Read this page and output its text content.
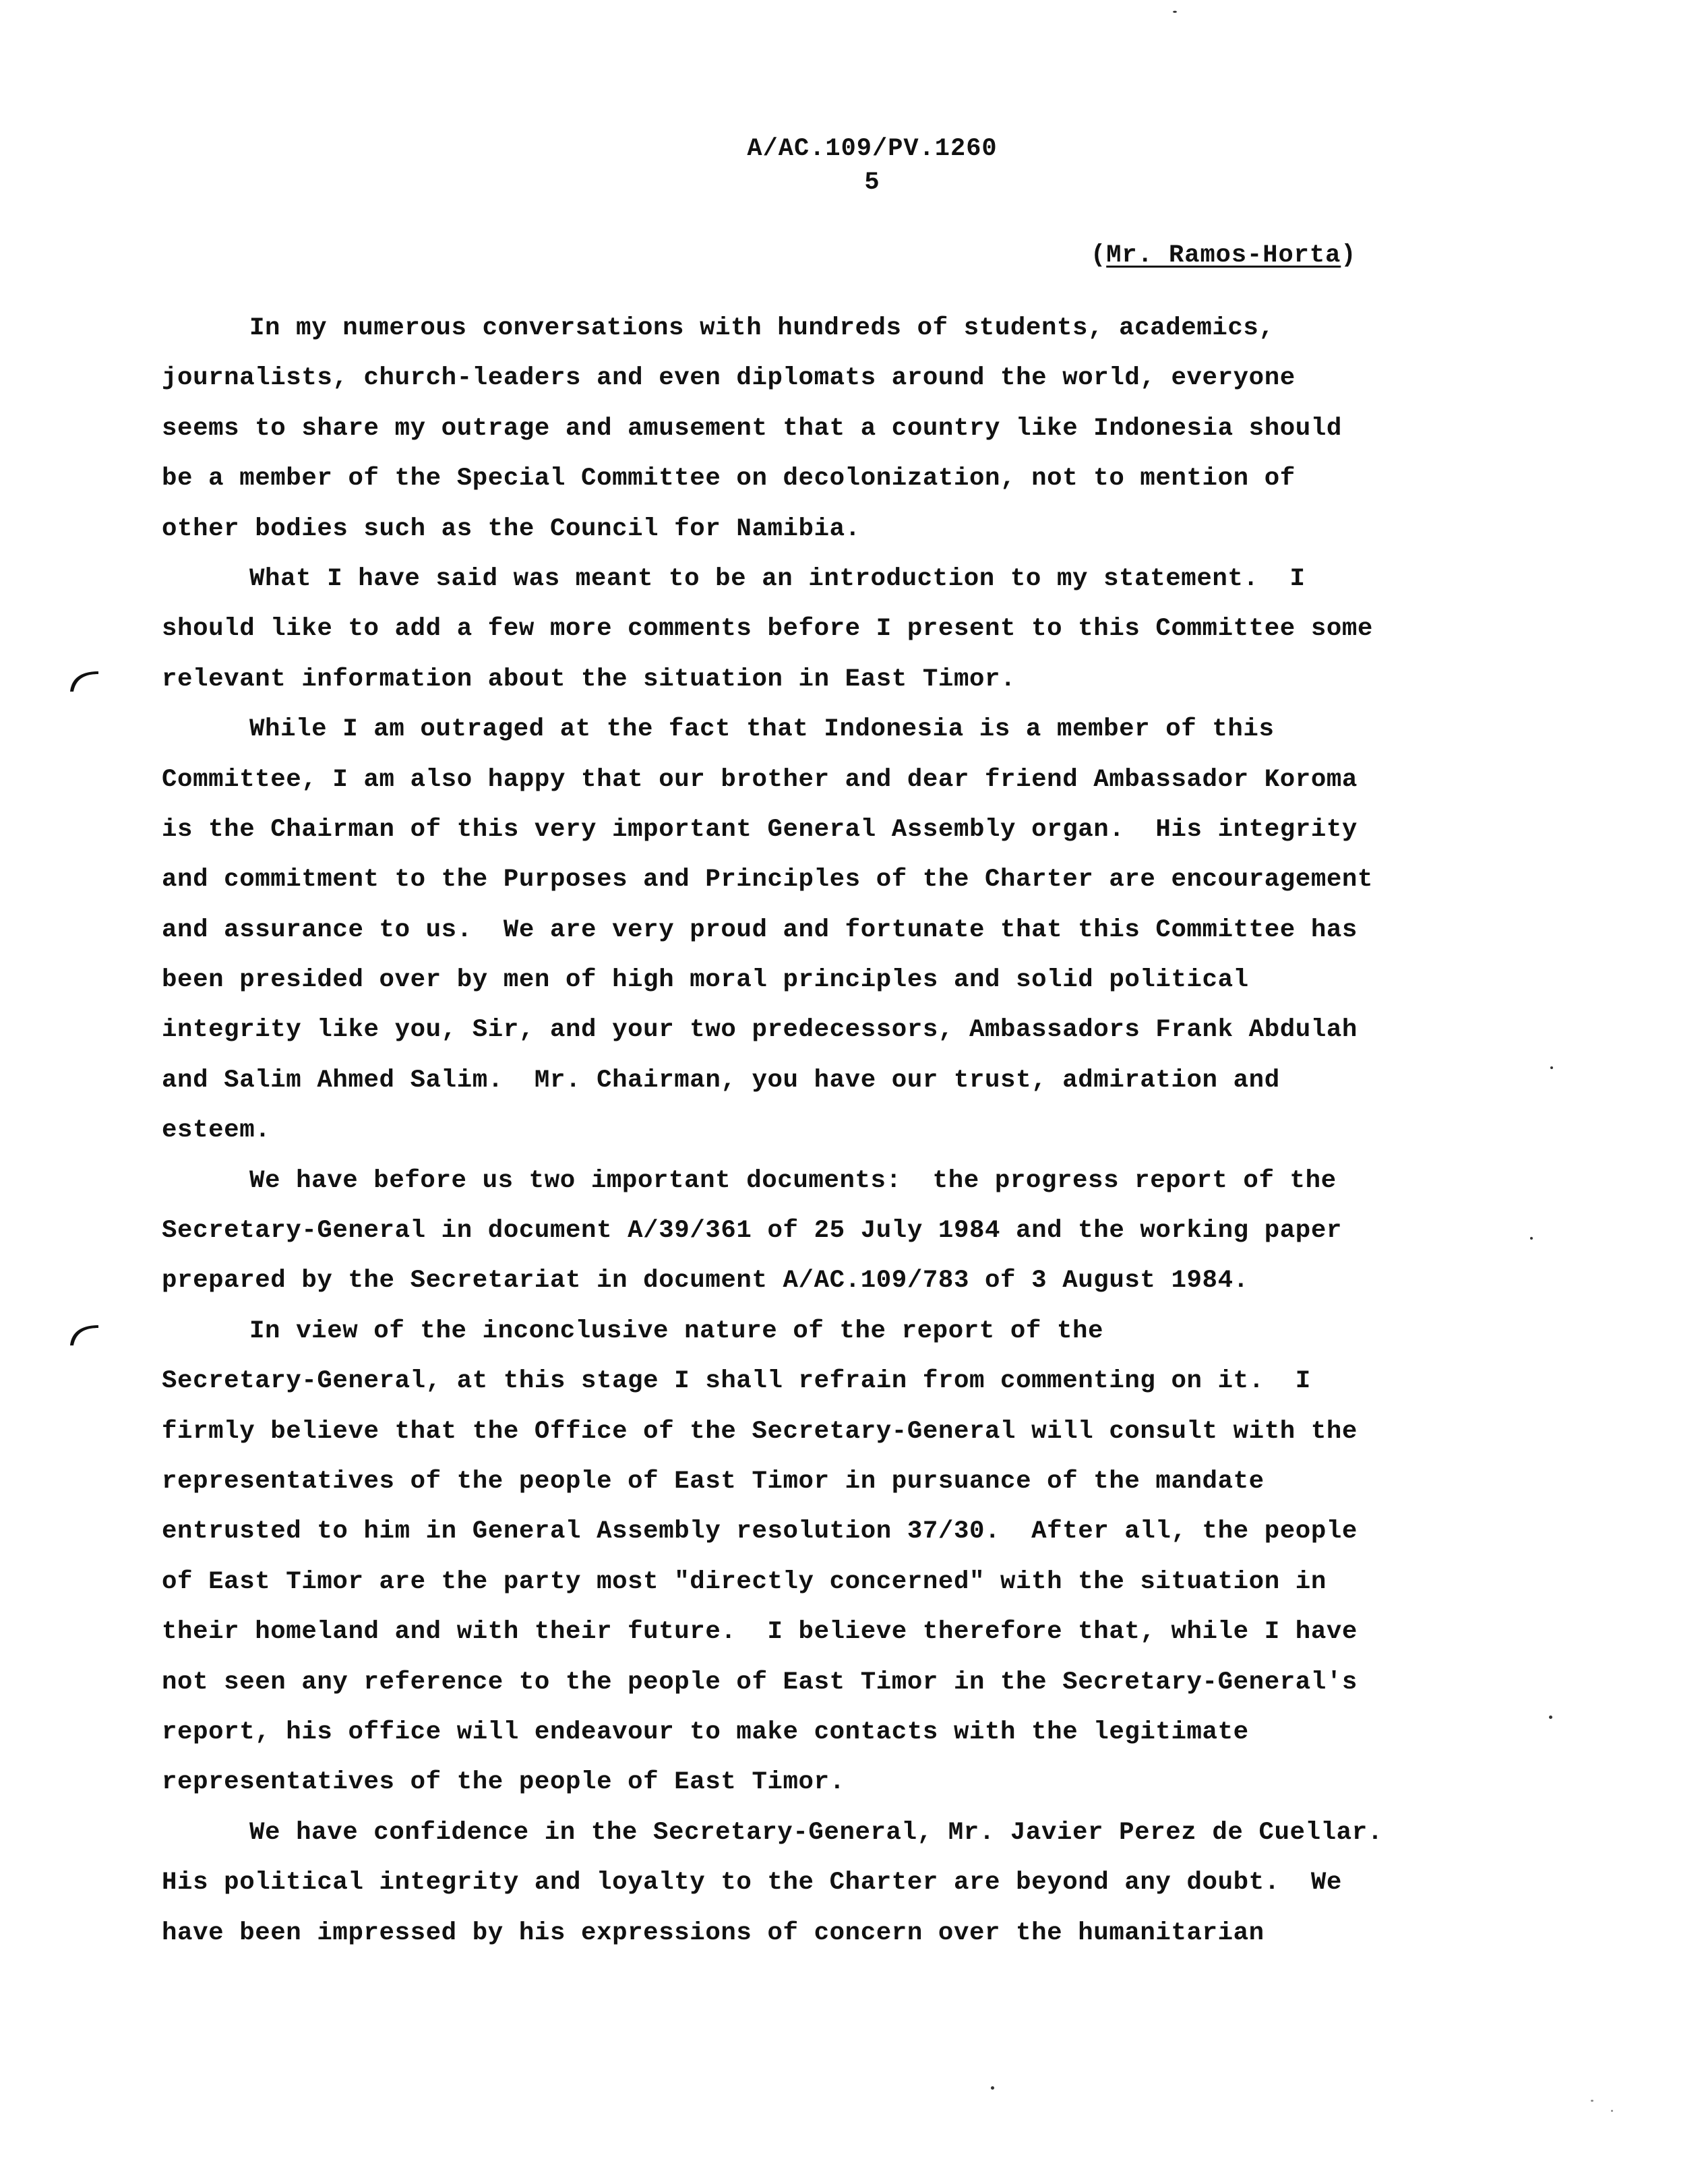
A/AC.109/PV.1260
5
(Mr. Ramos-Horta)
In my numerous conversations with hundreds of students, academics,
journalists, church-leaders and even diplomats around the world, everyone
seems to share my outrage and amusement that a country like Indonesia should
be a member of the Special Committee on decolonization, not to mention of
other bodies such as the Council for Namibia.
What I have said was meant to be an introduction to my statement.  I
should like to add a few more comments before I present to this Committee some
relevant information about the situation in East Timor.
While I am outraged at the fact that Indonesia is a member of this
Committee, I am also happy that our brother and dear friend Ambassador Koroma
is the Chairman of this very important General Assembly organ.  His integrity
and commitment to the Purposes and Principles of the Charter are encouragement
and assurance to us.  We are very proud and fortunate that this Committee has
been presided over by men of high moral principles and solid political
integrity like you, Sir, and your two predecessors, Ambassadors Frank Abdulah
and Salim Ahmed Salim.  Mr. Chairman, you have our trust, admiration and
esteem.
We have before us two important documents:  the progress report of the
Secretary-General in document A/39/361 of 25 July 1984 and the working paper
prepared by the Secretariat in document A/AC.109/783 of 3 August 1984.
In view of the inconclusive nature of the report of the
Secretary-General, at this stage I shall refrain from commenting on it.  I
firmly believe that the Office of the Secretary-General will consult with the
representatives of the people of East Timor in pursuance of the mandate
entrusted to him in General Assembly resolution 37/30.  After all, the people
of East Timor are the party most "directly concerned" with the situation in
their homeland and with their future.  I believe therefore that, while I have
not seen any reference to the people of East Timor in the Secretary-General's
report, his office will endeavour to make contacts with the legitimate
representatives of the people of East Timor.
We have confidence in the Secretary-General, Mr. Javier Perez de Cuellar.
His political integrity and loyalty to the Charter are beyond any doubt.  We
have been impressed by his expressions of concern over the humanitarian
